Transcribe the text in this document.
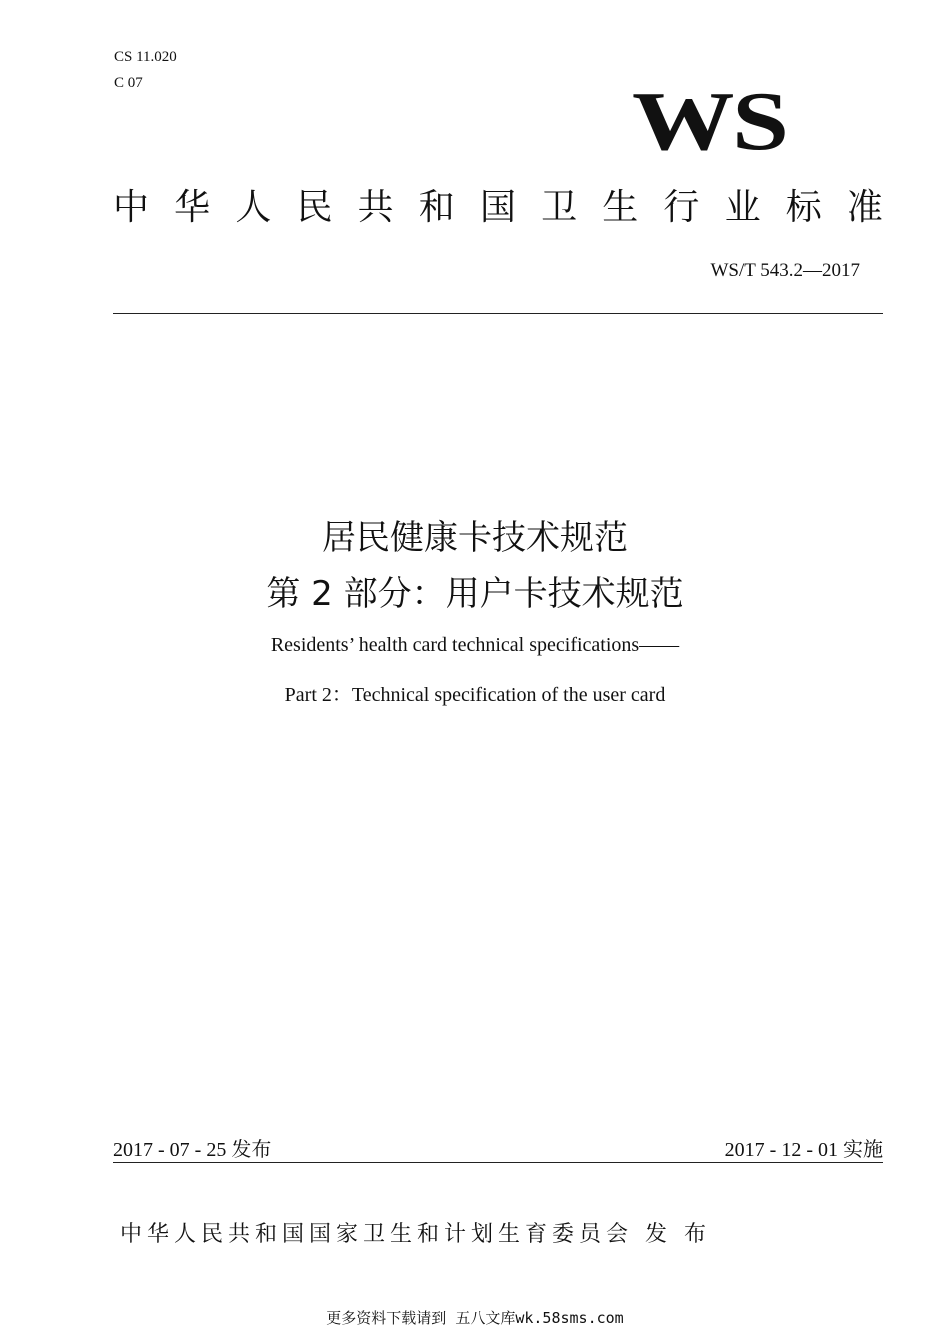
CS 11.020
C 07	WS
中 华 人 民 共 和 国 卫 生 行 业 标 准
WS/T 543.2—2017
居民健康卡技术规范
第 2 部分：用户卡技术规范
Residents’ health card technical specifications——
Part 2：Technical specification of the user card
2017 - 07 - 25 发布	2017 - 12 - 01 实施
中华人民共和国国家卫生和计划生育委员会 发 布
更多资料下载请到 五八文库wk.58sms.com
